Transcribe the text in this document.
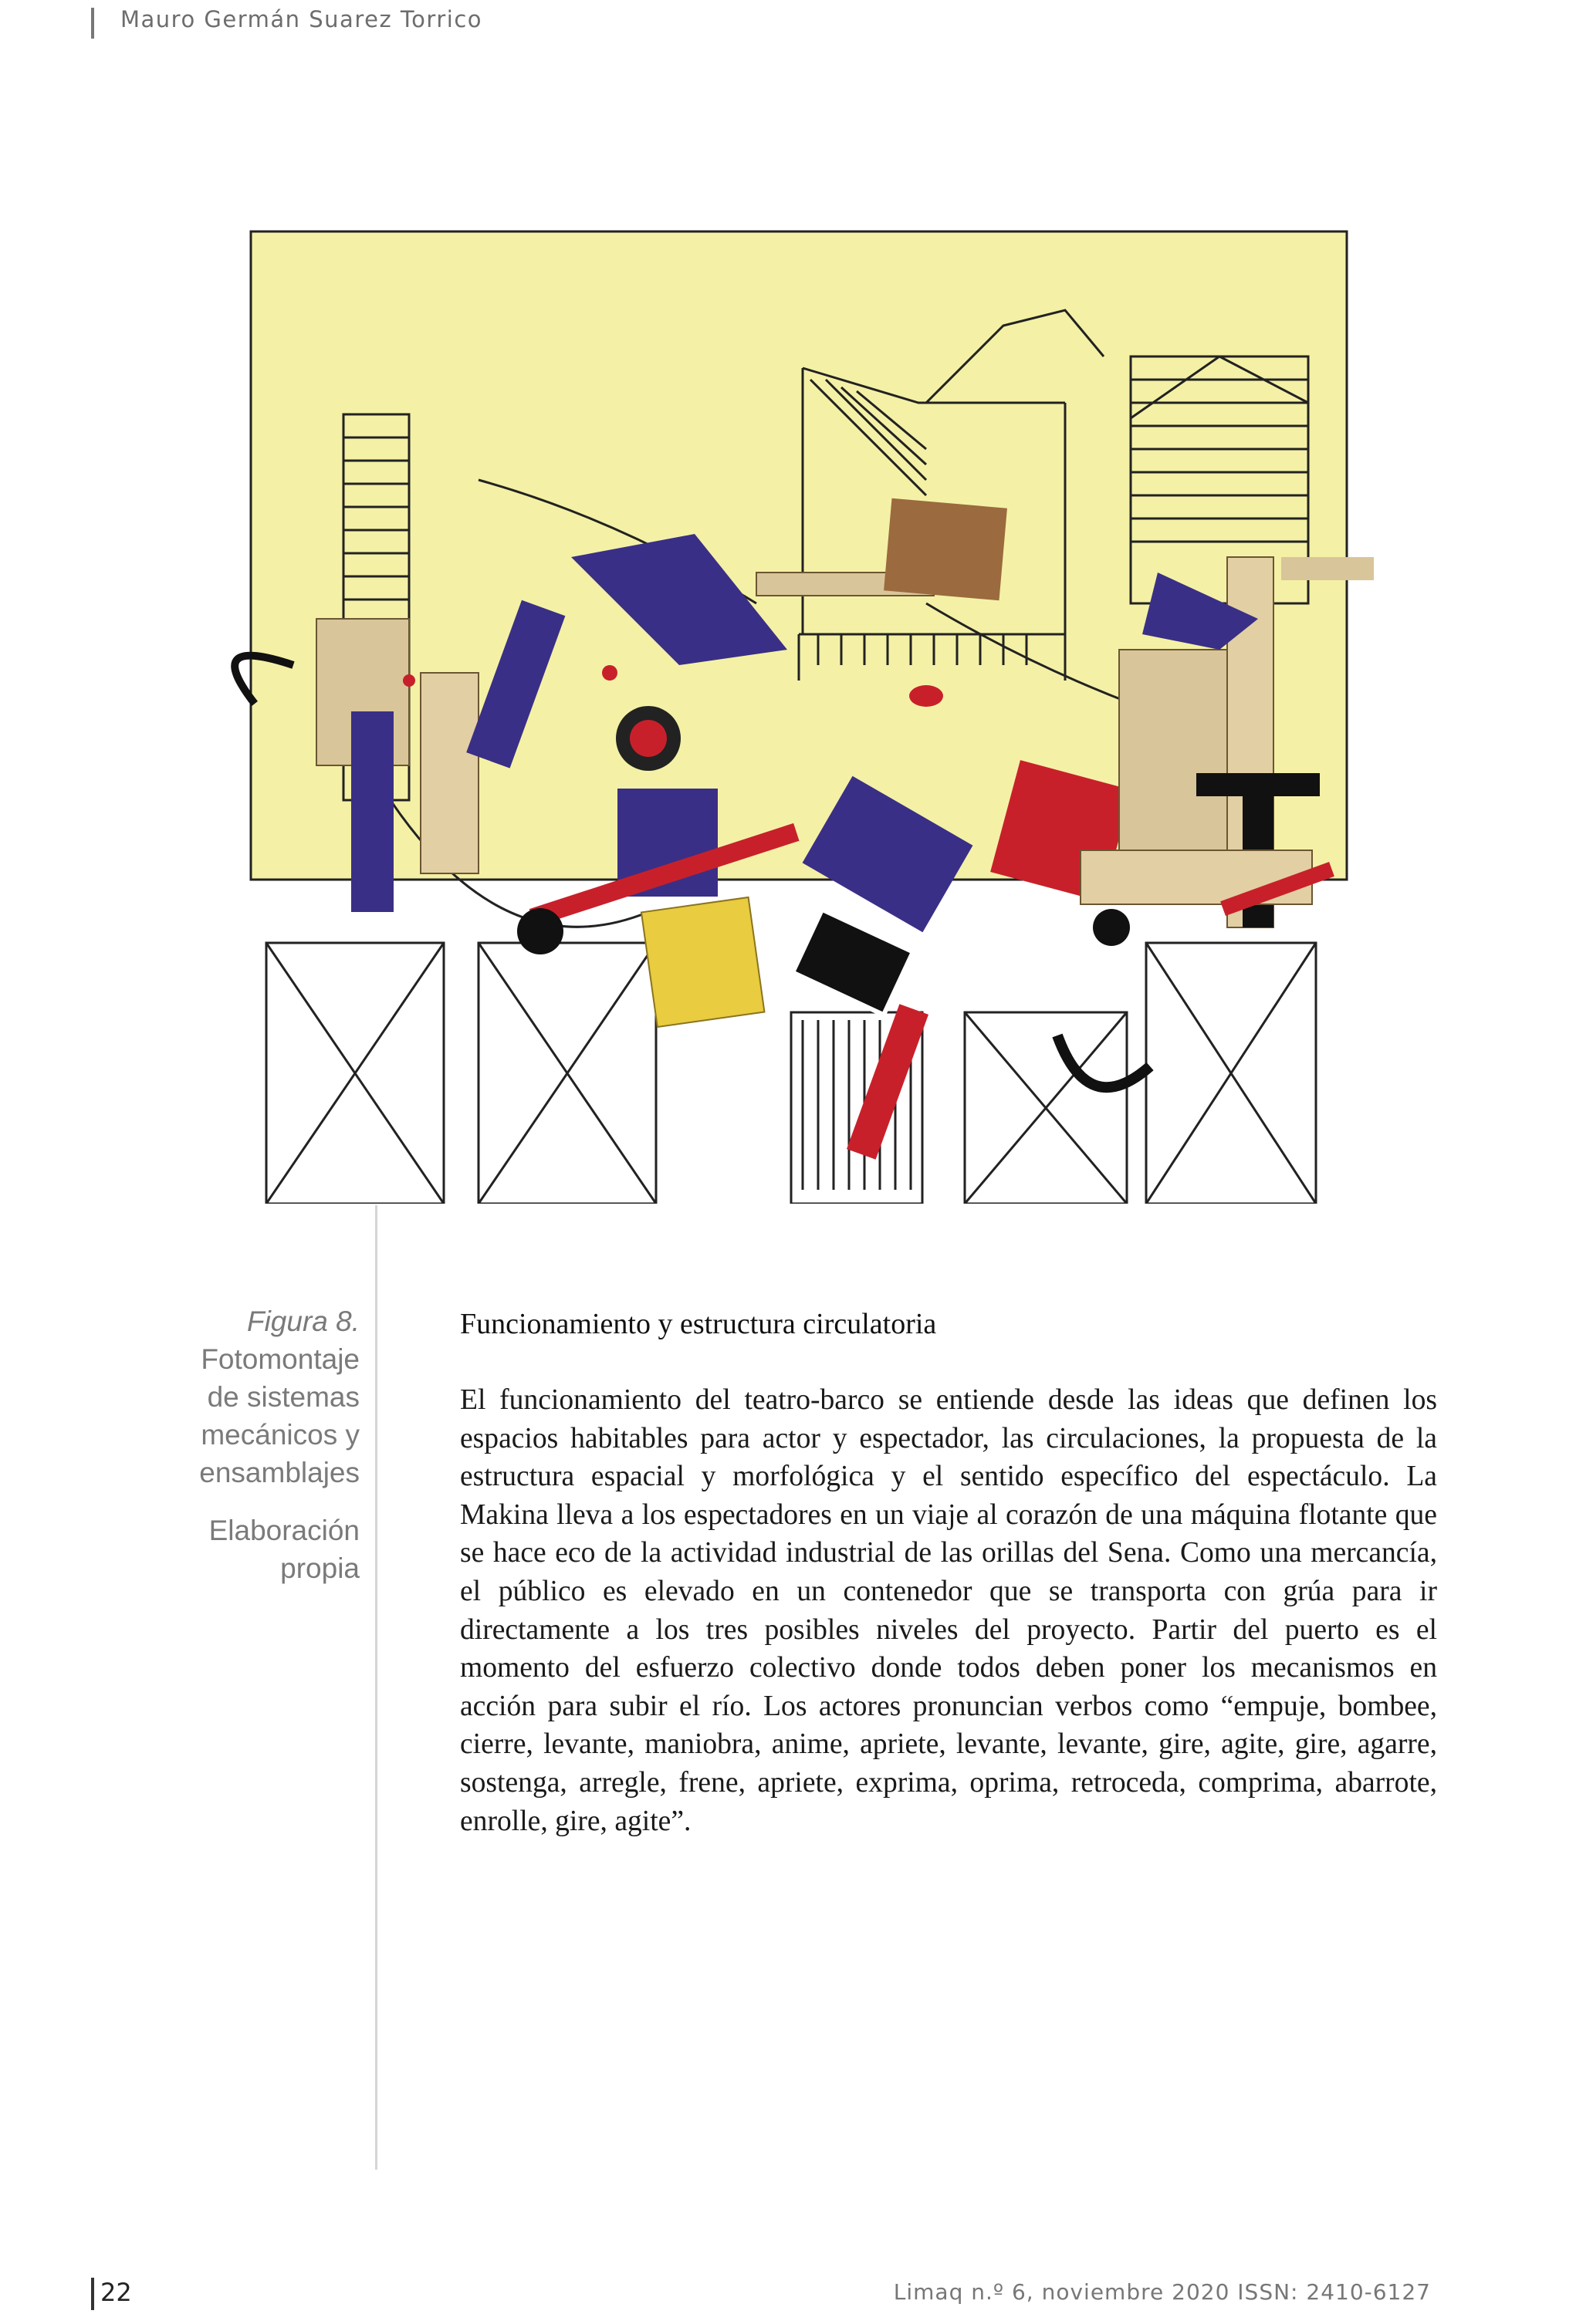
Mauro Germán Suarez Torrico
Figura 8.
Fotomontaje de sistemas mecánicos y ensamblajes
Elaboración propia
Funcionamiento y estructura circulatoria
El funcionamiento del teatro-barco se entiende desde las ideas que definen los espacios habitables para actor y espectador, las circulaciones, la propuesta de la estructura espacial y morfológica y el sentido específico del espectáculo. La Makina lleva a los espectadores en un viaje al corazón de una máquina flotante que se hace eco de la actividad industrial de las orillas del Sena. Como una mercancía, el público es elevado en un contenedor que se transporta con grúa para ir directamente a los tres posibles niveles del proyecto. Partir del puerto es el momento del esfuerzo colectivo donde todos deben poner los mecanismos en acción para subir el río. Los actores pronuncian verbos como “empuje, bombee, cierre, levante, maniobra, anime, apriete, levante, levante, gire, agite, gire, agarre, sostenga, arregle, frene, apriete, exprima, oprima, retroceda, comprima, abarrote, enrolle, gire, agite”.
22	Limaq n.º 6, noviembre 2020 ISSN: 2410-6127
